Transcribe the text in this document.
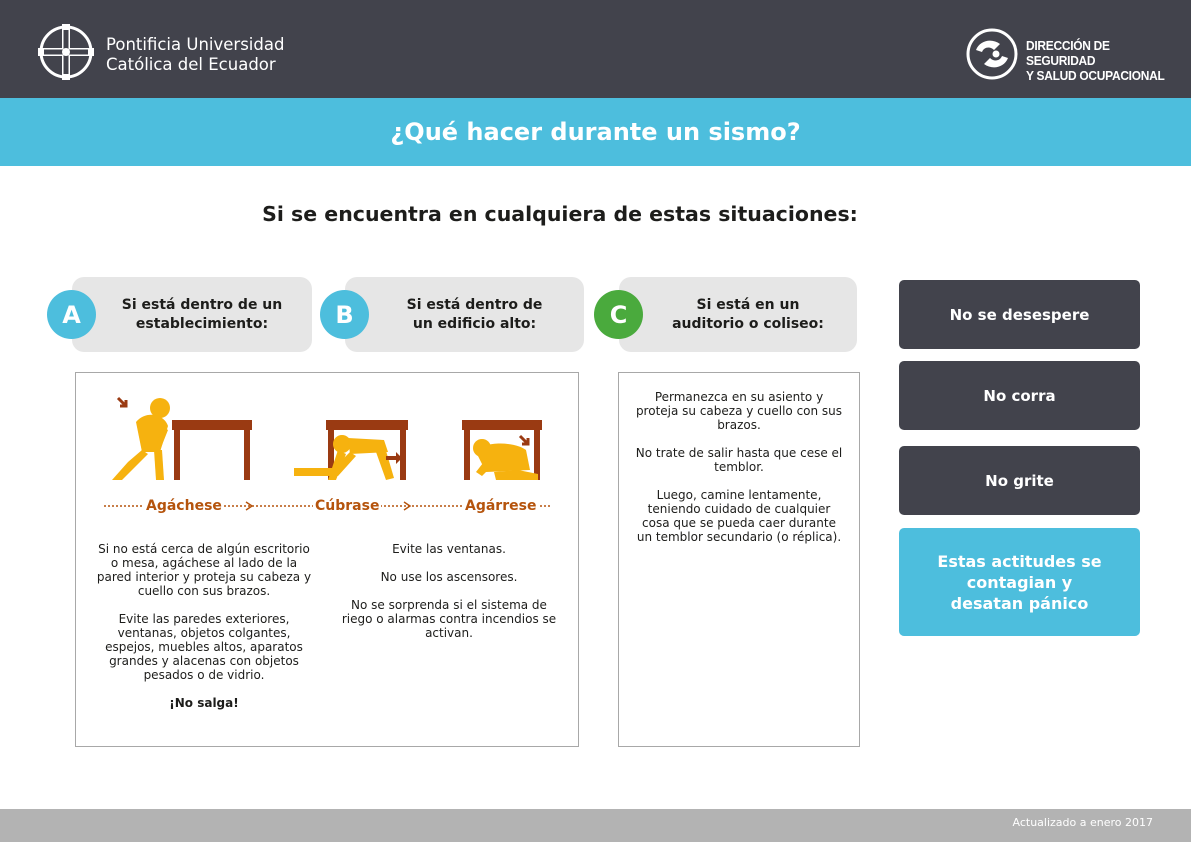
Pontificia Universidad
Católica del Ecuador
DIRECCIÓN DE SEGURIDAD
Y SALUD OCUPACIONAL
¿Qué hacer durante un sismo?
Si se encuentra en cualquiera de estas situaciones:
Si está dentro de un
establecimiento:
A	Si está dentro de
un edificio alto:
B	Si está en un
auditorio o coliseo:
C
Agáchese	Cúbrase	Agárrese

Si no está cerca de algún escritorio o mesa, agáchese al lado de la pared interior y proteja su cabeza y cuello con sus brazos.

Evite las paredes exteriores, ventanas, objetos colgantes, espejos, muebles altos, aparatos grandes y alacenas con objetos pesados o de vidrio.

¡No salga!

Evite las ventanas.

No use los ascensores.

No se sorprenda si el sistema de riego o alarmas contra incendios se activan.

Permanezca en su asiento y proteja su cabeza y cuello con sus brazos.

No trate de salir hasta que cese el temblor.

Luego, camine lentamente, teniendo cuidado de cualquier cosa que se pueda caer durante un temblor secundario (o réplica).

No se desespere
No corra
No grite
Estas actitudes se contagian y desatan pánico
Actualizado a enero 2017
